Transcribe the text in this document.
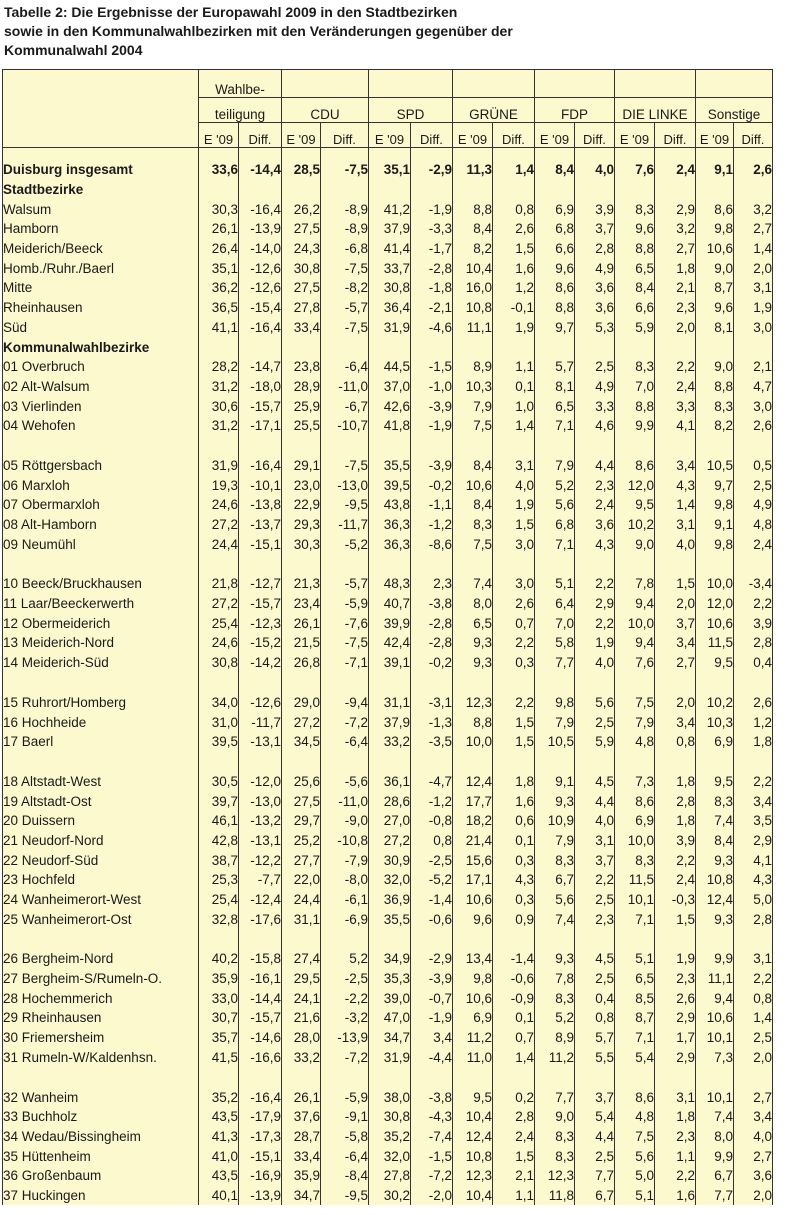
Tabelle 2: Die Ergebnisse der Europawahl 2009 in den Stadtbezirken
sowie in den Kommunalwahlbezirken mit den Veränderungen gegenüber der
Kommunalwahl 2004
	Wahlbe-													
	teiligung		CDU		SPD		GRÜNE		FDP		DIE LINKE		Sonstige	
	E '09	Diff.	E '09	Diff.	E '09	Diff.	E '09	Diff.	E '09	Diff.	E '09	Diff.	E '09	Diff.

Duisburg insgesamt	33,6	-14,4	28,5	-7,5	35,1	-2,9	11,3	1,4	8,4	4,0	7,6	2,4	9,1	2,6
Stadtbezirke														
Walsum	30,3	-16,4	26,2	-8,9	41,2	-1,9	8,8	0,8	6,9	3,9	8,3	2,9	8,6	3,2
Hamborn	26,1	-13,9	27,5	-8,9	37,9	-3,3	8,4	2,6	6,8	3,7	9,6	3,2	9,8	2,7
Meiderich/Beeck	26,4	-14,0	24,3	-6,8	41,4	-1,7	8,2	1,5	6,6	2,8	8,8	2,7	10,6	1,4
Homb./Ruhr./Baerl	35,1	-12,6	30,8	-7,5	33,7	-2,8	10,4	1,6	9,6	4,9	6,5	1,8	9,0	2,0
Mitte	36,2	-12,6	27,5	-8,2	30,8	-1,8	16,0	1,2	8,6	3,6	8,4	2,1	8,7	3,1
Rheinhausen	36,5	-15,4	27,8	-5,7	36,4	-2,1	10,8	-0,1	8,8	3,6	6,6	2,3	9,6	1,9
Süd	41,1	-16,4	33,4	-7,5	31,9	-4,6	11,1	1,9	9,7	5,3	5,9	2,0	8,1	3,0
Kommunalwahlbezirke														
01 Overbruch	28,2	-14,7	23,8	-6,4	44,5	-1,5	8,9	1,1	5,7	2,5	8,3	2,2	9,0	2,1
02 Alt-Walsum	31,2	-18,0	28,9	-11,0	37,0	-1,0	10,3	0,1	8,1	4,9	7,0	2,4	8,8	4,7
03 Vierlinden	30,6	-15,7	25,9	-6,7	42,6	-3,9	7,9	1,0	6,5	3,3	8,8	3,3	8,3	3,0
04 Wehofen	31,2	-17,1	25,5	-10,7	41,8	-1,9	7,5	1,4	7,1	4,6	9,9	4,1	8,2	2,6

05 Röttgersbach	31,9	-16,4	29,1	-7,5	35,5	-3,9	8,4	3,1	7,9	4,4	8,6	3,4	10,5	0,5
06 Marxloh	19,3	-10,1	23,0	-13,0	39,5	-0,2	10,6	4,0	5,2	2,3	12,0	4,3	9,7	2,5
07 Obermarxloh	24,6	-13,8	22,9	-9,5	43,8	-1,1	8,4	1,9	5,6	2,4	9,5	1,4	9,8	4,9
08 Alt-Hamborn	27,2	-13,7	29,3	-11,7	36,3	-1,2	8,3	1,5	6,8	3,6	10,2	3,1	9,1	4,8
09 Neumühl	24,4	-15,1	30,3	-5,2	36,3	-8,6	7,5	3,0	7,1	4,3	9,0	4,0	9,8	2,4

10 Beeck/Bruckhausen	21,8	-12,7	21,3	-5,7	48,3	2,3	7,4	3,0	5,1	2,2	7,8	1,5	10,0	-3,4
11 Laar/Beeckerwerth	27,2	-15,7	23,4	-5,9	40,7	-3,8	8,0	2,6	6,4	2,9	9,4	2,0	12,0	2,2
12 Obermeiderich	25,4	-12,3	26,1	-7,6	39,9	-2,8	6,5	0,7	7,0	2,2	10,0	3,7	10,6	3,9
13 Meiderich-Nord	24,6	-15,2	21,5	-7,5	42,4	-2,8	9,3	2,2	5,8	1,9	9,4	3,4	11,5	2,8
14 Meiderich-Süd	30,8	-14,2	26,8	-7,1	39,1	-0,2	9,3	0,3	7,7	4,0	7,6	2,7	9,5	0,4

15 Ruhrort/Homberg	34,0	-12,6	29,0	-9,4	31,1	-3,1	12,3	2,2	9,8	5,6	7,5	2,0	10,2	2,6
16 Hochheide	31,0	-11,7	27,2	-7,2	37,9	-1,3	8,8	1,5	7,9	2,5	7,9	3,4	10,3	1,2
17 Baerl	39,5	-13,1	34,5	-6,4	33,2	-3,5	10,0	1,5	10,5	5,9	4,8	0,8	6,9	1,8

18 Altstadt-West	30,5	-12,0	25,6	-5,6	36,1	-4,7	12,4	1,8	9,1	4,5	7,3	1,8	9,5	2,2
19 Altstadt-Ost	39,7	-13,0	27,5	-11,0	28,6	-1,2	17,7	1,6	9,3	4,4	8,6	2,8	8,3	3,4
20 Duissern	46,1	-13,2	29,7	-9,0	27,0	-0,8	18,2	0,6	10,9	4,0	6,9	1,8	7,4	3,5
21 Neudorf-Nord	42,8	-13,1	25,2	-10,8	27,2	0,8	21,4	0,1	7,9	3,1	10,0	3,9	8,4	2,9
22 Neudorf-Süd	38,7	-12,2	27,7	-7,9	30,9	-2,5	15,6	0,3	8,3	3,7	8,3	2,2	9,3	4,1
23 Hochfeld	25,3	-7,7	22,0	-8,0	32,0	-5,2	17,1	4,3	6,7	2,2	11,5	2,4	10,8	4,3
24 Wanheimerort-West	25,4	-12,4	24,4	-6,1	36,9	-1,4	10,6	0,3	5,6	2,5	10,1	-0,3	12,4	5,0
25 Wanheimerort-Ost	32,8	-17,6	31,1	-6,9	35,5	-0,6	9,6	0,9	7,4	2,3	7,1	1,5	9,3	2,8

26 Bergheim-Nord	40,2	-15,8	27,4	5,2	34,9	-2,9	13,4	-1,4	9,3	4,5	5,1	1,9	9,9	3,1
27 Bergheim-S/Rumeln-O.	35,9	-16,1	29,5	-2,5	35,3	-3,9	9,8	-0,6	7,8	2,5	6,5	2,3	11,1	2,2
28 Hochemmerich	33,0	-14,4	24,1	-2,2	39,0	-0,7	10,6	-0,9	8,3	0,4	8,5	2,6	9,4	0,8
29 Rheinhausen	30,7	-15,7	21,6	-3,2	47,0	-1,9	6,9	0,1	5,2	0,8	8,7	2,9	10,6	1,4
30 Friemersheim	35,7	-14,6	28,0	-13,9	34,7	3,4	11,2	0,7	8,9	5,7	7,1	1,7	10,1	2,5
31 Rumeln-W/Kaldenhsn.	41,5	-16,6	33,2	-7,2	31,9	-4,4	11,0	1,4	11,2	5,5	5,4	2,9	7,3	2,0

32 Wanheim	35,2	-16,4	26,1	-5,9	38,0	-3,8	9,5	0,2	7,7	3,7	8,6	3,1	10,1	2,7
33 Buchholz	43,5	-17,9	37,6	-9,1	30,8	-4,3	10,4	2,8	9,0	5,4	4,8	1,8	7,4	3,4
34 Wedau/Bissingheim	41,3	-17,3	28,7	-5,8	35,2	-7,4	12,4	2,4	8,3	4,4	7,5	2,3	8,0	4,0
35 Hüttenheim	41,0	-15,1	33,4	-6,4	32,0	-1,5	10,8	1,5	8,3	2,5	5,6	1,1	9,9	2,7
36 Großenbaum	43,5	-16,9	35,9	-8,4	27,8	-7,2	12,3	2,1	12,3	7,7	5,0	2,2	6,7	3,6
37 Huckingen	40,1	-13,9	34,7	-9,5	30,2	-2,0	10,4	1,1	11,8	6,7	5,1	1,6	7,7	2,0
